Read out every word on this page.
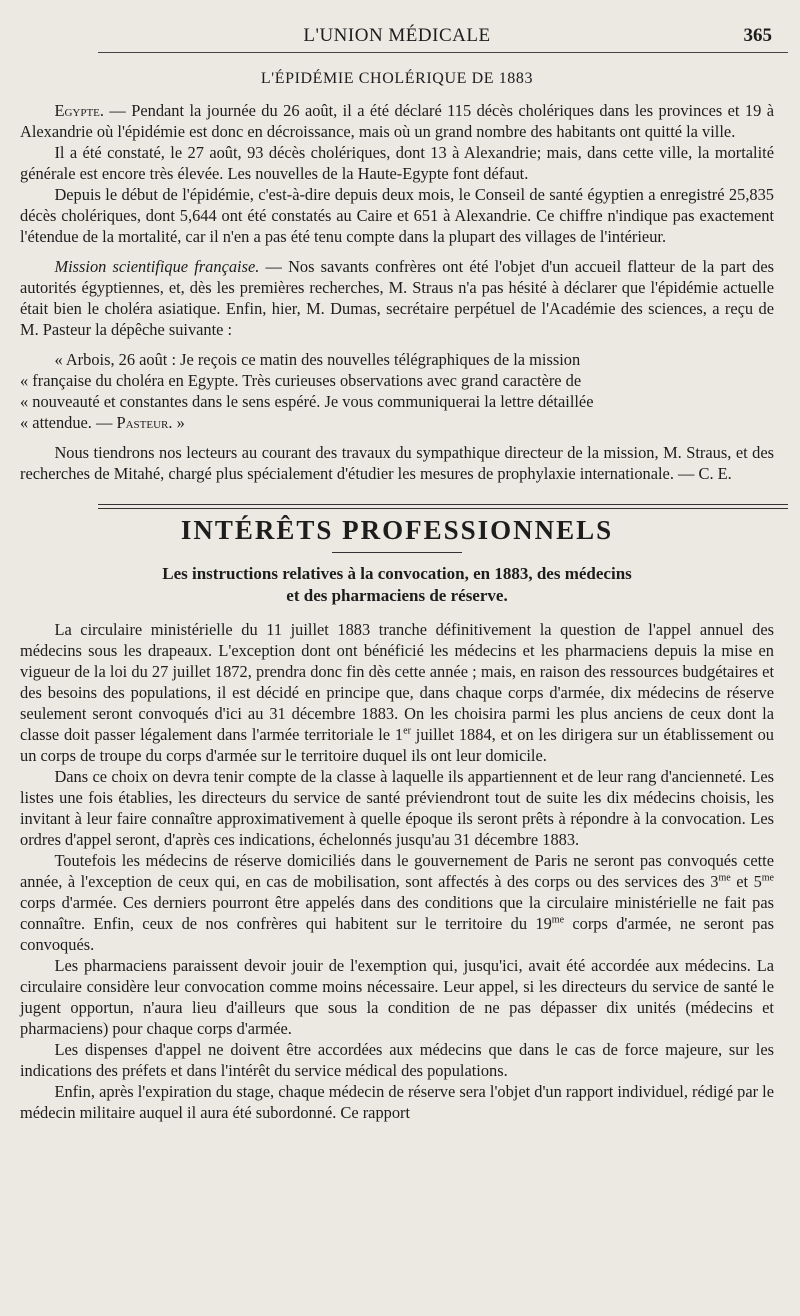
L'UNION MÉDICALE	365
L'ÉPIDÉMIE CHOLÉRIQUE DE 1883

Egypte. — Pendant la journée du 26 août, il a été déclaré 115 décès cholériques dans les provinces et 19 à Alexandrie où l'épidémie est donc en décroissance, mais où un grand nombre des habitants ont quitté la ville.

Il a été constaté, le 27 août, 93 décès cholériques, dont 13 à Alexandrie; mais, dans cette ville, la mortalité générale est encore très élevée. Les nouvelles de la Haute-Egypte font défaut.

Depuis le début de l'épidémie, c'est-à-dire depuis deux mois, le Conseil de santé égyptien a enregistré 25,835 décès cholériques, dont 5,644 ont été constatés au Caire et 651 à Alexandrie. Ce chiffre n'indique pas exactement l'étendue de la mortalité, car il n'en a pas été tenu compte dans la plupart des villages de l'intérieur.

Mission scientifique française. — Nos savants confrères ont été l'objet d'un accueil flatteur de la part des autorités égyptiennes, et, dès les premières recherches, M. Straus n'a pas hésité à déclarer que l'épidémie actuelle était bien le choléra asiatique. Enfin, hier, M. Dumas, secrétaire perpétuel de l'Académie des sciences, a reçu de M. Pasteur la dépêche suivante :

« Arbois, 26 août : Je reçois ce matin des nouvelles télégraphiques de la mission

« française du choléra en Egypte. Très curieuses observations avec grand caractère de

« nouveauté et constantes dans le sens espéré. Je vous communiquerai la lettre détaillée

« attendue. — Pasteur. »

Nous tiendrons nos lecteurs au courant des travaux du sympathique directeur de la mission, M. Straus, et des recherches de Mitahé, chargé plus spécialement d'étudier les mesures de prophylaxie internationale. — C. E.

INTÉRÊTS PROFESSIONNELS
Les instructions relatives à la convocation, en 1883, des médecins
et des pharmaciens de réserve.

La circulaire ministérielle du 11 juillet 1883 tranche définitivement la question de l'appel annuel des médecins sous les drapeaux. L'exception dont ont bénéficié les médecins et les pharmaciens depuis la mise en vigueur de la loi du 27 juillet 1872, prendra donc fin dès cette année ; mais, en raison des ressources budgétaires et des besoins des populations, il est décidé en principe que, dans chaque corps d'armée, dix médecins de réserve seulement seront convoqués d'ici au 31 décembre 1883. On les choisira parmi les plus anciens de ceux dont la classe doit passer légalement dans l'armée territoriale le 1er juillet 1884, et on les dirigera sur un établissement ou un corps de troupe du corps d'armée sur le territoire duquel ils ont leur domicile.

Dans ce choix on devra tenir compte de la classe à laquelle ils appartiennent et de leur rang d'ancienneté. Les listes une fois établies, les directeurs du service de santé préviendront tout de suite les dix médecins choisis, les invitant à leur faire connaître approximativement à quelle époque ils seront prêts à répondre à la convocation. Les ordres d'appel seront, d'après ces indications, échelonnés jusqu'au 31 décembre 1883.

Toutefois les médecins de réserve domiciliés dans le gouvernement de Paris ne seront pas convoqués cette année, à l'exception de ceux qui, en cas de mobilisation, sont affectés à des corps ou des services des $3^{me}$ et $5^{me}$ corps d'armée. Ces derniers pourront être appelés dans des conditions que la circulaire ministérielle ne fait pas connaître. Enfin, ceux de nos confrères qui habitent sur le territoire du $19^{me}$ corps d'armée, ne seront pas convoqués.

Les pharmaciens paraissent devoir jouir de l'exemption qui, jusqu'ici, avait été accordée aux médecins. La circulaire considère leur convocation comme moins nécessaire. Leur appel, si les directeurs du service de santé le jugent opportun, n'aura lieu d'ailleurs que sous la condition de ne pas dépasser dix unités (médecins et pharmaciens) pour chaque corps d'armée.

Les dispenses d'appel ne doivent être accordées aux médecins que dans le cas de force majeure, sur les indications des préfets et dans l'intérêt du service médical des populations.

Enfin, après l'expiration du stage, chaque médecin de réserve sera l'objet d'un rapport individuel, rédigé par le médecin militaire auquel il aura été subordonné. Ce rapport
